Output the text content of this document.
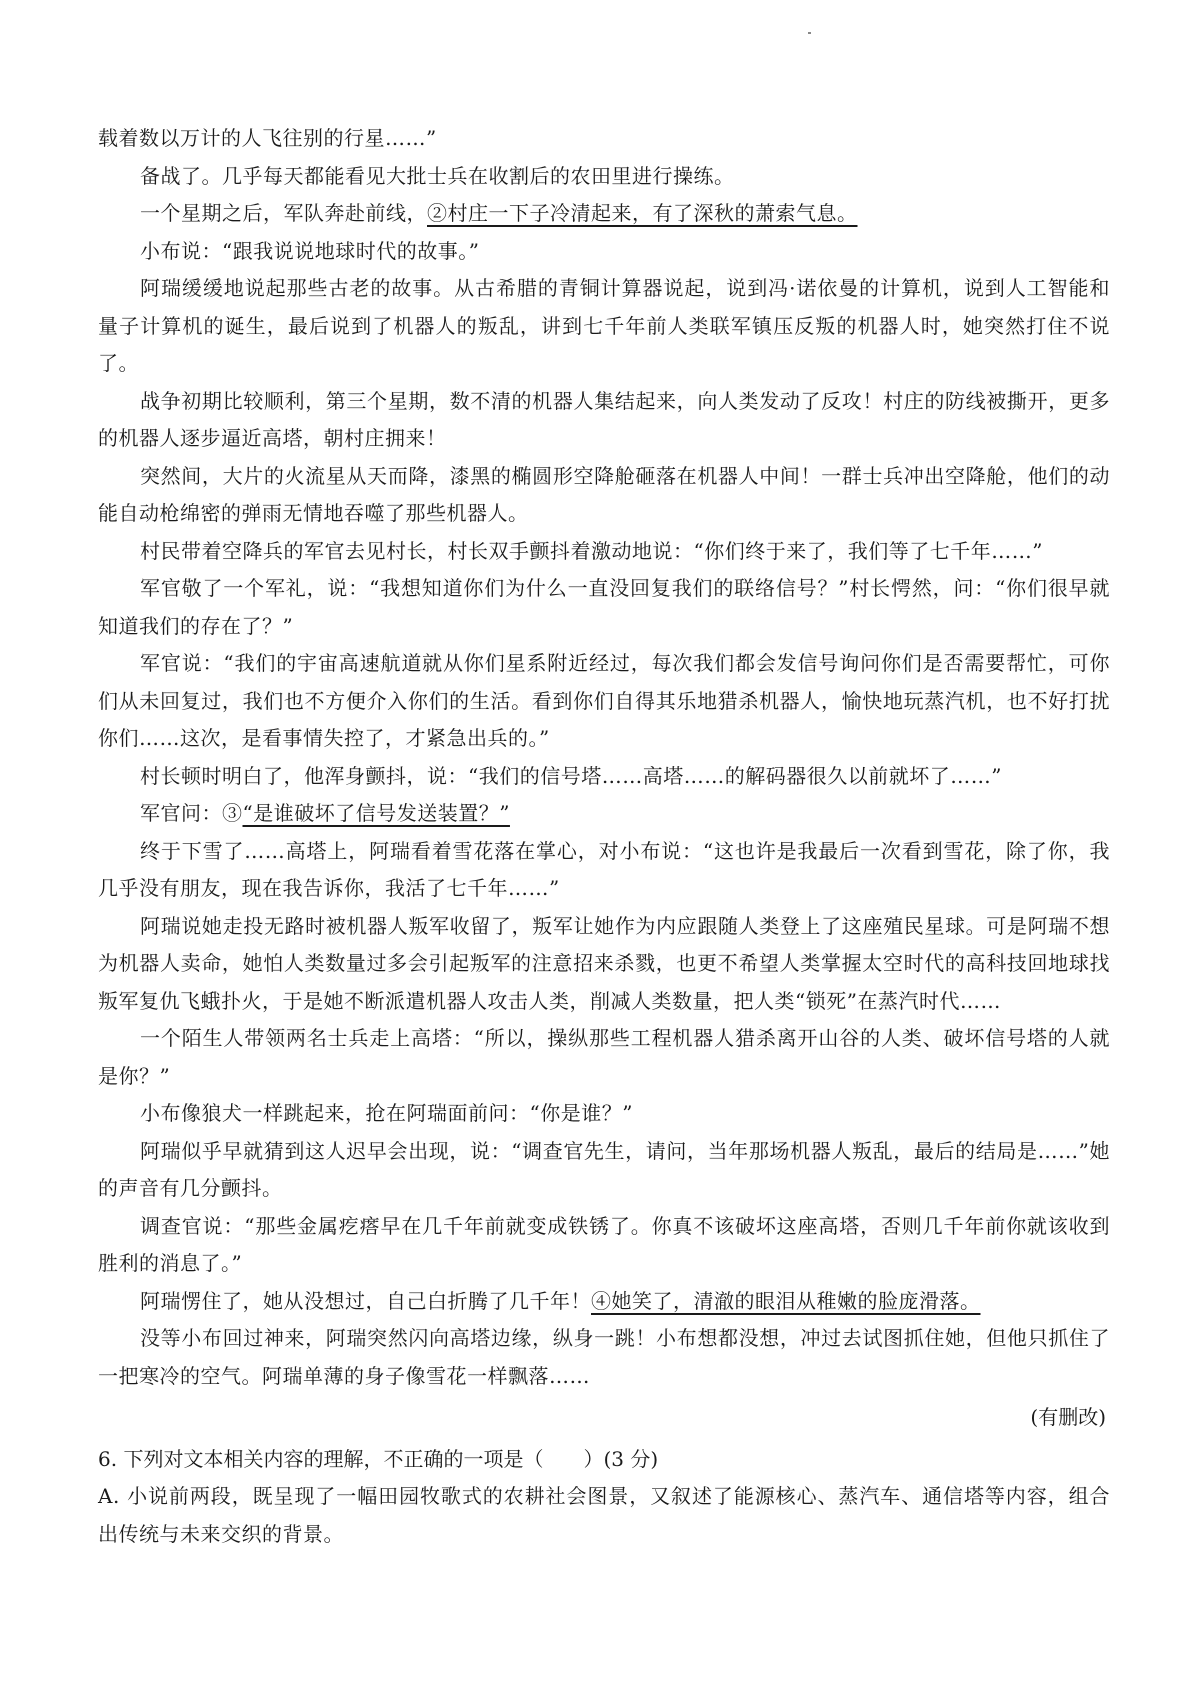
载着数以万计的人飞往别的行星……”

备战了。几乎每天都能看见大批士兵在收割后的农田里进行操练。

一个星期之后，军队奔赴前线，②村庄一下子冷清起来，有了深秋的萧索气息。

小布说：“跟我说说地球时代的故事。”

阿瑞缓缓地说起那些古老的故事。从古希腊的青铜计算器说起，说到冯·诺依曼的计算机，说到人工智能和量子计算机的诞生，最后说到了机器人的叛乱，讲到七千年前人类联军镇压反叛的机器人时，她突然打住不说了。

战争初期比较顺利，第三个星期，数不清的机器人集结起来，向人类发动了反攻！村庄的防线被撕开，更多的机器人逐步逼近高塔，朝村庄拥来！

突然间，大片的火流星从天而降，漆黑的椭圆形空降舱砸落在机器人中间！一群士兵冲出空降舱，他们的动能自动枪绵密的弹雨无情地吞噬了那些机器人。

村民带着空降兵的军官去见村长，村长双手颤抖着激动地说：“你们终于来了，我们等了七千年……”

军官敬了一个军礼，说：“我想知道你们为什么一直没回复我们的联络信号？”村长愕然，问：“你们很早就知道我们的存在了？”

军官说：“我们的宇宙高速航道就从你们星系附近经过，每次我们都会发信号询问你们是否需要帮忙，可你们从未回复过，我们也不方便介入你们的生活。看到你们自得其乐地猎杀机器人，愉快地玩蒸汽机，也不好打扰你们……这次，是看事情失控了，才紧急出兵的。”

村长顿时明白了，他浑身颤抖，说：“我们的信号塔……高塔……的解码器很久以前就坏了……”

军官问：③“是谁破坏了信号发送装置？”

终于下雪了……高塔上，阿瑞看着雪花落在掌心，对小布说：“这也许是我最后一次看到雪花，除了你，我几乎没有朋友，现在我告诉你，我活了七千年……”

阿瑞说她走投无路时被机器人叛军收留了，叛军让她作为内应跟随人类登上了这座殖民星球。可是阿瑞不想为机器人卖命，她怕人类数量过多会引起叛军的注意招来杀戮，也更不希望人类掌握太空时代的高科技回地球找叛军复仇飞蛾扑火，于是她不断派遣机器人攻击人类，削减人类数量，把人类“锁死”在蒸汽时代……

一个陌生人带领两名士兵走上高塔：“所以，操纵那些工程机器人猎杀离开山谷的人类、破坏信号塔的人就是你？”

小布像狼犬一样跳起来，抢在阿瑞面前问：“你是谁？”

阿瑞似乎早就猜到这人迟早会出现，说：“调查官先生，请问，当年那场机器人叛乱，最后的结局是……”她的声音有几分颤抖。

调查官说：“那些金属疙瘩早在几千年前就变成铁锈了。你真不该破坏这座高塔，否则几千年前你就该收到胜利的消息了。”

阿瑞愣住了，她从没想过，自己白折腾了几千年！④她笑了，清澈的眼泪从稚嫩的脸庞滑落。

没等小布回过神来，阿瑞突然闪向高塔边缘，纵身一跳！小布想都没想，冲过去试图抓住她，但他只抓住了一把寒冷的空气。阿瑞单薄的身子像雪花一样飘落……

(有删改)

6. 下列对文本相关内容的理解，不正确的一项是（　　）(3 分)

A. 小说前两段，既呈现了一幅田园牧歌式的农耕社会图景，又叙述了能源核心、蒸汽车、通信塔等内容，组合出传统与未来交织的背景。
